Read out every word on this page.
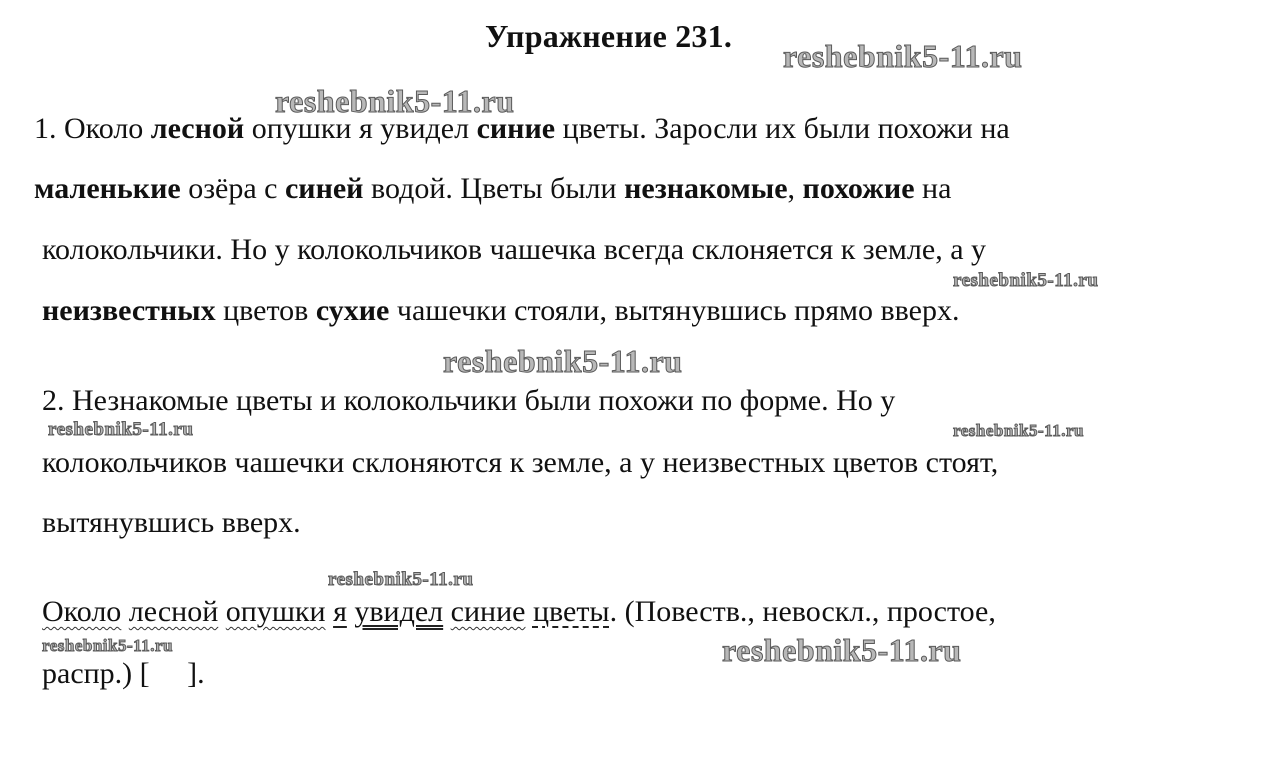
Упражнение 231.
1. Около лесной опушки я увидел синие цветы. Заросли их были похожи на
маленькие озёра с синей водой. Цветы были незнакомые, похожие на
колокольчики. Но у колокольчиков чашечка всегда склоняется к земле, а у
неизвестных цветов сухие чашечки стояли, вытянувшись прямо вверх.
2. Незнакомые цветы и колокольчики были похожи по форме. Но у
колокольчиков чашечки склоняются к земле, а у неизвестных цветов стоят,
вытянувшись вверх.
Около лесной опушки я увидел синие цветы. (Повеств., невоскл., простое,
распр.) [     ].
reshebnik5-11.ru
reshebnik5-11.ru
reshebnik5-11.ru
reshebnik5-11.ru
reshebnik5-11.ru	reshebnik5-11.ru
reshebnik5-11.ru
reshebnik5-11.ru	reshebnik5-11.ru
